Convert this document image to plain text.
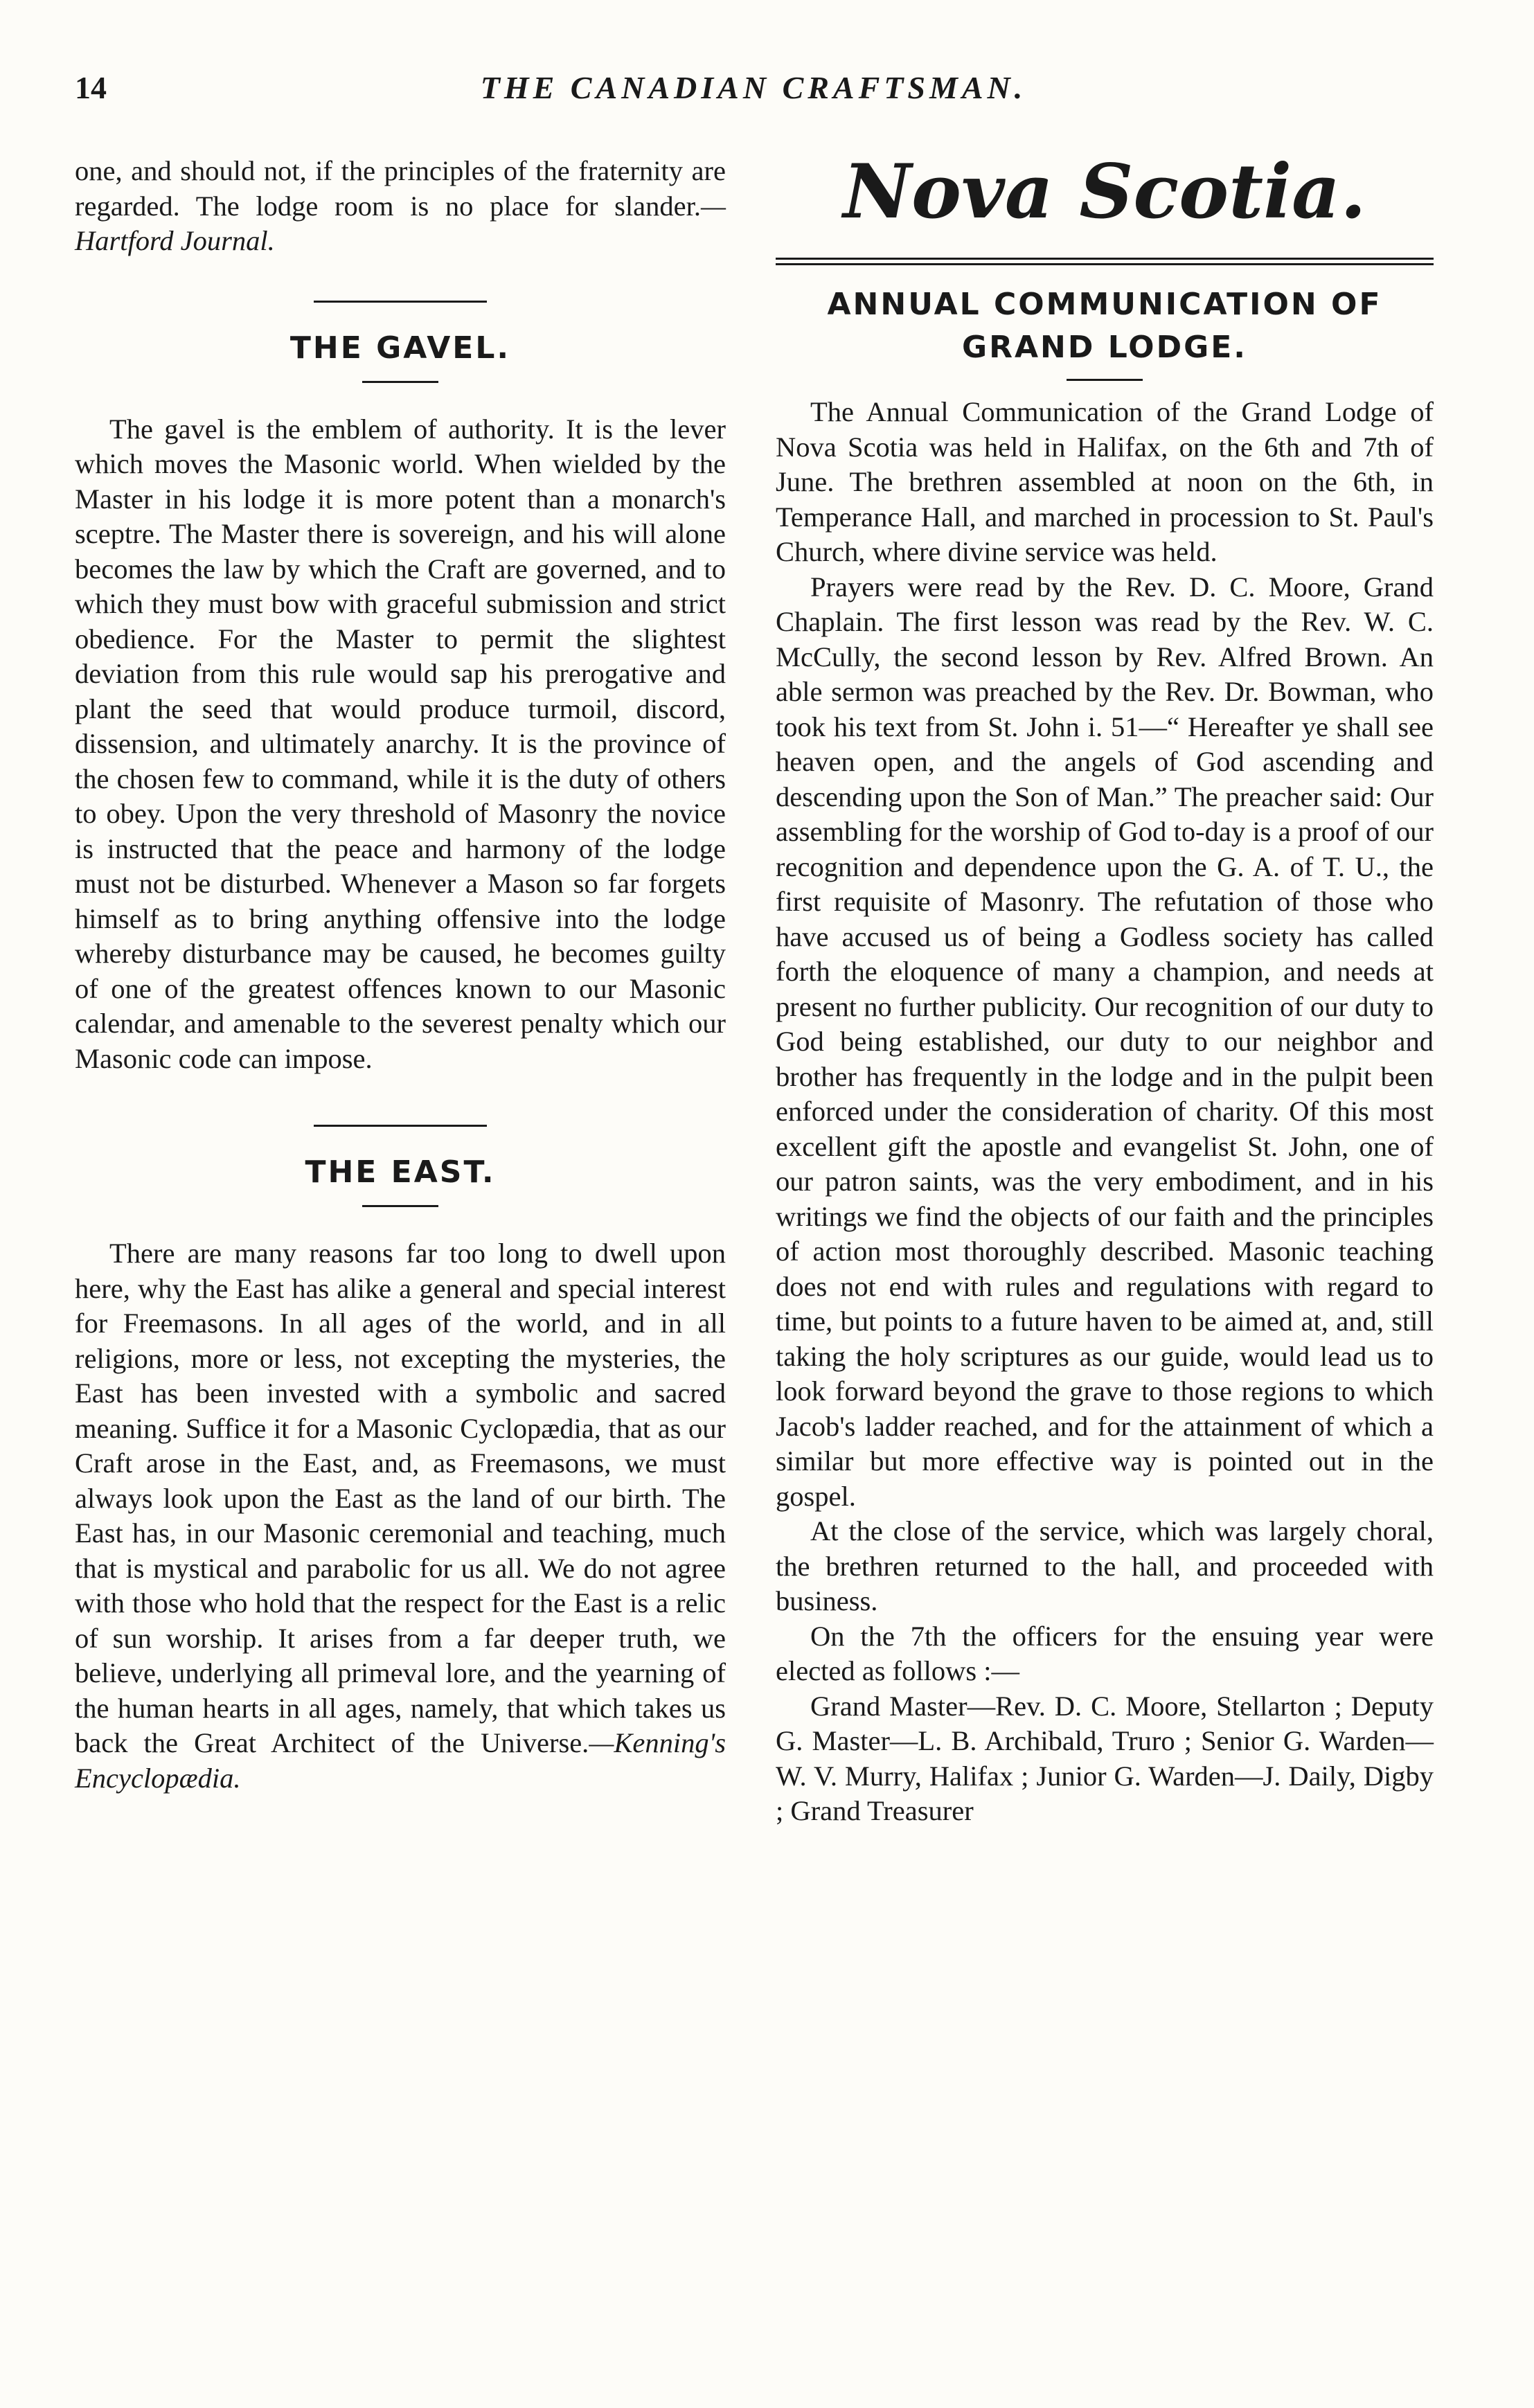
14	THE CANADIAN CRAFTSMAN.

one, and should not, if the principles of the fraternity are regarded. The lodge room is no place for slander.—Hartford Journal.

THE GAVEL.

The gavel is the emblem of authority. It is the lever which moves the Masonic world. When wielded by the Master in his lodge it is more potent than a monarch's sceptre. The Master there is sovereign, and his will alone becomes the law by which the Craft are governed, and to which they must bow with graceful submission and strict obedience. For the Master to permit the slightest deviation from this rule would sap his prerogative and plant the seed that would produce turmoil, discord, dissension, and ultimately anarchy. It is the province of the chosen few to command, while it is the duty of others to obey. Upon the very threshold of Masonry the novice is instructed that the peace and harmony of the lodge must not be disturbed. Whenever a Mason so far forgets himself as to bring anything offensive into the lodge whereby disturbance may be caused, he becomes guilty of one of the greatest offences known to our Masonic calendar, and amenable to the severest penalty which our Masonic code can impose.

THE EAST.

There are many reasons far too long to dwell upon here, why the East has alike a general and special interest for Freemasons. In all ages of the world, and in all religions, more or less, not excepting the mysteries, the East has been invested with a symbolic and sacred meaning. Suffice it for a Masonic Cyclopædia, that as our Craft arose in the East, and, as Freemasons, we must always look upon the East as the land of our birth. The East has, in our Masonic ceremonial and teaching, much that is mystical and parabolic for us all. We do not agree with those who hold that the respect for the East is a relic of sun worship. It arises from a far deeper truth, we believe, underlying all primeval lore, and the yearning of the human hearts in all ages, namely, that which takes us back the Great Architect of the Universe.—Kenning's Encyclopædia.

Nova Scotia.
ANNUAL COMMUNICATION OF
GRAND LODGE.

The Annual Communication of the Grand Lodge of Nova Scotia was held in Halifax, on the 6th and 7th of June. The brethren assembled at noon on the 6th, in Temperance Hall, and marched in procession to St. Paul's Church, where divine service was held.

Prayers were read by the Rev. D. C. Moore, Grand Chaplain. The first lesson was read by the Rev. W. C. McCully, the second lesson by Rev. Alfred Brown. An able sermon was preached by the Rev. Dr. Bowman, who took his text from St. John i. 51—“ Hereafter ye shall see heaven open, and the angels of God ascending and descending upon the Son of Man.” The preacher said: Our assembling for the worship of God to-day is a proof of our recognition and dependence upon the G. A. of T. U., the first requisite of Masonry. The refutation of those who have accused us of being a Godless society has called forth the eloquence of many a champion, and needs at present no further publicity. Our recognition of our duty to God being established, our duty to our neighbor and brother has frequently in the lodge and in the pulpit been enforced under the consideration of charity. Of this most excellent gift the apostle and evangelist St. John, one of our patron saints, was the very embodiment, and in his writings we find the objects of our faith and the principles of action most thoroughly described. Masonic teaching does not end with rules and regulations with regard to time, but points to a future haven to be aimed at, and, still taking the holy scriptures as our guide, would lead us to look forward beyond the grave to those regions to which Jacob's ladder reached, and for the attainment of which a similar but more effective way is pointed out in the gospel.

At the close of the service, which was largely choral, the brethren returned to the hall, and proceeded with business.

On the 7th the officers for the ensuing year were elected as follows :—

Grand Master—Rev. D. C. Moore, Stellarton ; Deputy G. Master—L. B. Archibald, Truro ; Senior G. Warden—W. V. Murry, Halifax ; Junior G. Warden—J. Daily, Digby ; Grand Treasurer
